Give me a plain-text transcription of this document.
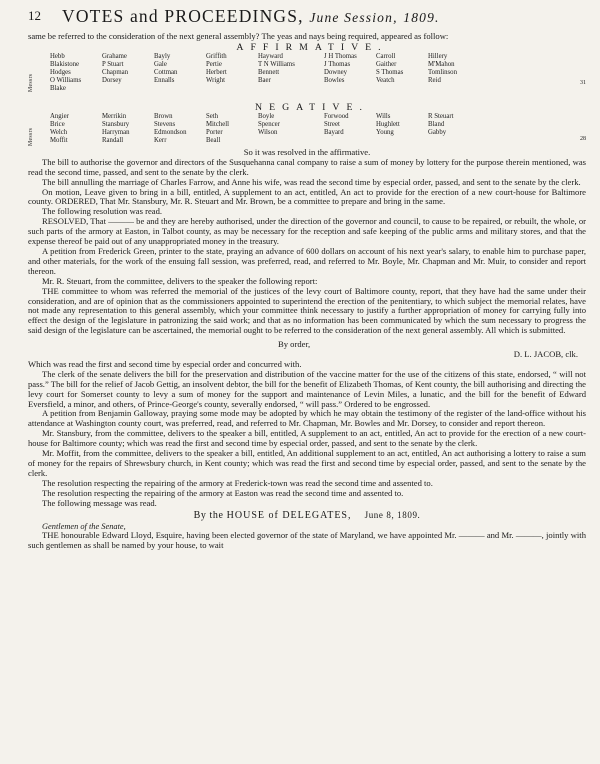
12 VOTES and PROCEEDINGS, June Session, 1809.

same be referred to the consideration of the next general assembly? The yeas and nays being required, appeared as follow:

AFFIRMATIVE.
Messrs	31
Hebb
Blakistone
Hodges
O Williams
Blake
Grahame
P Stuart
Chapman
Dorsey
Bayly
Gale
Cottman
Ennalls
Griffith
Pertie
Herbert
Wright
Hayward
T N Williams
Bennett
Baer
J H Thomas
J Thomas
Downey
Bowles
Carroll
Gaither
S Thomas
Veatch
Hillery
M'Mahon
Tomlinson
Reid
NEGATIVE.
Messrs	28
Angier
Brice
Welch
Moffit
Merrikin
Stansbury
Harryman
Randall
Brown
Stevens
Edmondson
Kerr
Seth
Mitchell
Porter
Beall
Boyle
Spencer
Wilson
Forwood
Street
Bayard
Wills
Hughlett
Young
R Steuart
Bland
Gabby

So it was resolved in the affirmative.

The bill to authorise the governor and directors of the Susquehanna canal company to raise a sum of money by lottery for the purpose therein mentioned, was read the second time, passed, and sent to the senate by the clerk.

The bill annulling the marriage of Charles Farrow, and Anne his wife, was read the second time by especial order, passed, and sent to the senate by the clerk.

On motion, Leave given to bring in a bill, entitled, A supplement to an act, entitled, An act to provide for the erection of a new court-house for Baltimore county. ORDERED, That Mr. Stansbury, Mr. R. Steuart and Mr. Brown, be a committee to prepare and bring in the same.

The following resolution was read.

RESOLVED, That ——— be and they are hereby authorised, under the direction of the governor and council, to cause to be repaired, or rebuilt, the whole, or such parts of the armory at Easton, in Talbot county, as may be necessary for the reception and safe keeping of the public arms and military stores, and that the expense thereof be paid out of any unappropriated money in the treasury.

A petition from Frederick Green, printer to the state, praying an advance of 600 dollars on account of his next year's salary, to enable him to purchase paper, and other materials, for the work of the ensuing fall session, was preferred, read, and referred to Mr. Boyle, Mr. Chapman and Mr. Muir, to consider and report thereon.

Mr. R. Steuart, from the committee, delivers to the speaker the following report:

THE committee to whom was referred the memorial of the justices of the levy court of Baltimore county, report, that they have had the same under their consideration, and are of opinion that as the commissioners appointed to superintend the erection of the penitentiary, to which subject the memorial relates, have not made any representation to this general assembly, which your committee think necessary to justify a further appropriation of money for carrying fully into effect the design of the legislature in patronizing the said work; and that as no information has been communicated by which the sum necessary to progress the said design of the legislature can be ascertained, the memorial ought to be referred to the consideration of the next general assembly. All which is submitted.

By order,
D. L. JACOB, clk.

Which was read the first and second time by especial order and concurred with.

The clerk of the senate delivers the bill for the preservation and distribution of the vaccine matter for the use of the citizens of this state, endorsed, “ will not pass.” The bill for the relief of Jacob Gettig, an insolvent debtor, the bill for the benefit of Elizabeth Thomas, of Kent county, the bill authorising and directing the levy court for Somerset county to levy a sum of money for the support and maintenance of Levin Miles, a lunatic, and the bill for the benefit of Edward Eversfield, a minor, and others, of Prince-George's county, severally endorsed, “ will pass.” Ordered to be engrossed.

A petition from Benjamin Galloway, praying some mode may be adopted by which he may obtain the testimony of the register of the land-office without his attendance at Washington county court, was preferred, read, and referred to Mr. Chapman, Mr. Bowles and Mr. Dorsey, to consider and report thereon.

Mr. Stansbury, from the committee, delivers to the speaker a bill, entitled, A supplement to an act, entitled, An act to provide for the erection of a new court-house for Baltimore county; which was read the first and second time by especial order, passed, and sent to the senate by the clerk.

Mr. Moffit, from the committee, delivers to the speaker a bill, entitled, An additional supplement to an act, entitled, An act authorising a lottery to raise a sum of money for the repairs of Shrewsbury church, in Kent county; which was read the first and second time by especial order, passed, and sent to the senate by the clerk.

The resolution respecting the repairing of the armory at Frederick-town was read the second time and assented to.

The resolution respecting the repairing of the armory at Easton was read the second time and assented to.

The following message was read.

By the HOUSE of DELEGATES, June 8, 1809.
Gentlemen of the Senate,

THE honourable Edward Lloyd, Esquire, having been elected governor of the state of Maryland, we have appointed Mr. ——— and Mr. ———, jointly with such gentlemen as shall be named by your house, to wait
